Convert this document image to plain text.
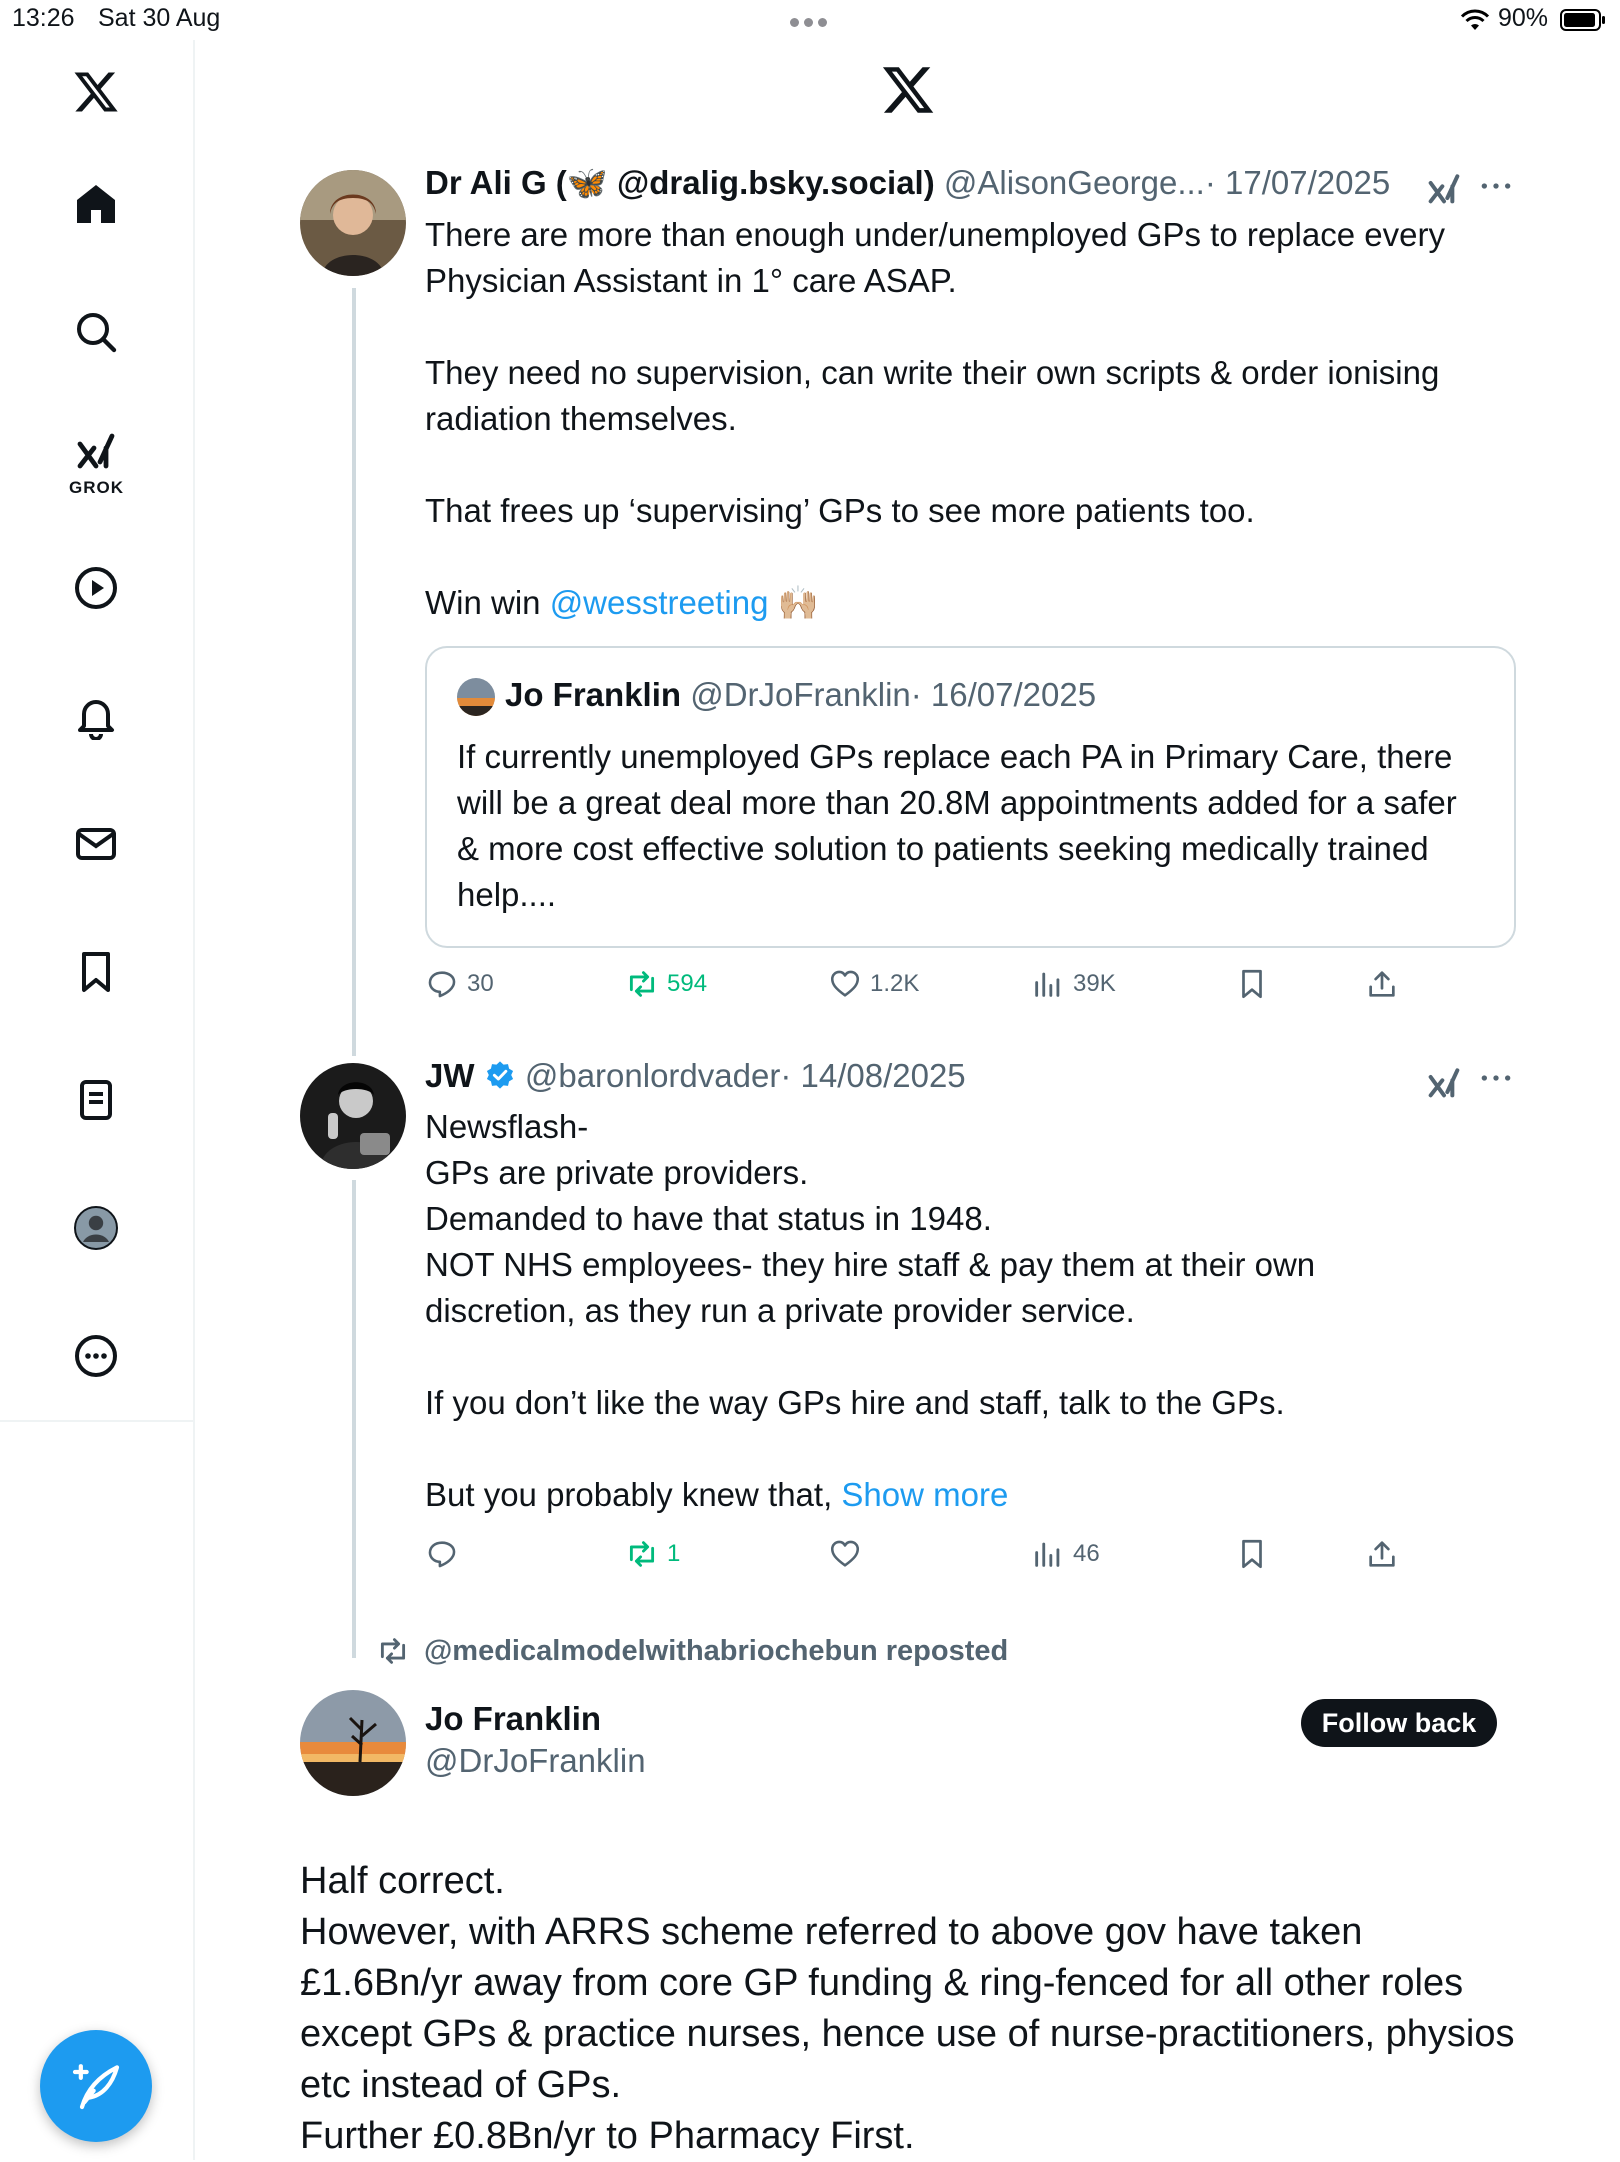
13:26 Sat 30 Aug	90%
GROK
Dr Ali G (🦋 @dralig.bsky.social) @AlisonGeorge...· 17/07/2025

There are more than enough under/unemployed GPs to replace every Physician Assistant in 1° care ASAP.

They need no supervision, can write their own scripts & order ionising radiation themselves.

That frees up ‘supervising’ GPs to see more patients too.

Win win @wesstreeting 🙌🏼

Jo Franklin @DrJoFranklin· 16/07/2025
If currently unemployed GPs replace each PA in Primary Care, there will be a great deal more than 20.8M appointments added for a safer & more cost effective solution to patients seeking medically trained help....
30	594	1.2K	39K
JW @baronlordvader· 14/08/2025

Newsflash-

GPs are private providers.

Demanded to have that status in 1948.

NOT NHS employees- they hire staff & pay them at their own discretion, as they run a private provider service.

If you don’t like the way GPs hire and staff, talk to the GPs.

But you probably knew that, Show more

1	46
@medicalmodelwithabriochebun reposted
Jo Franklin
@DrJoFranklin
Follow back

Half correct.

However, with ARRS scheme referred to above gov have taken £1.6Bn/yr away from core GP funding & ring-fenced for all other roles except GPs & practice nurses, hence use of nurse-practitioners, physios etc instead of GPs.

Further £0.8Bn/yr to Pharmacy First.
